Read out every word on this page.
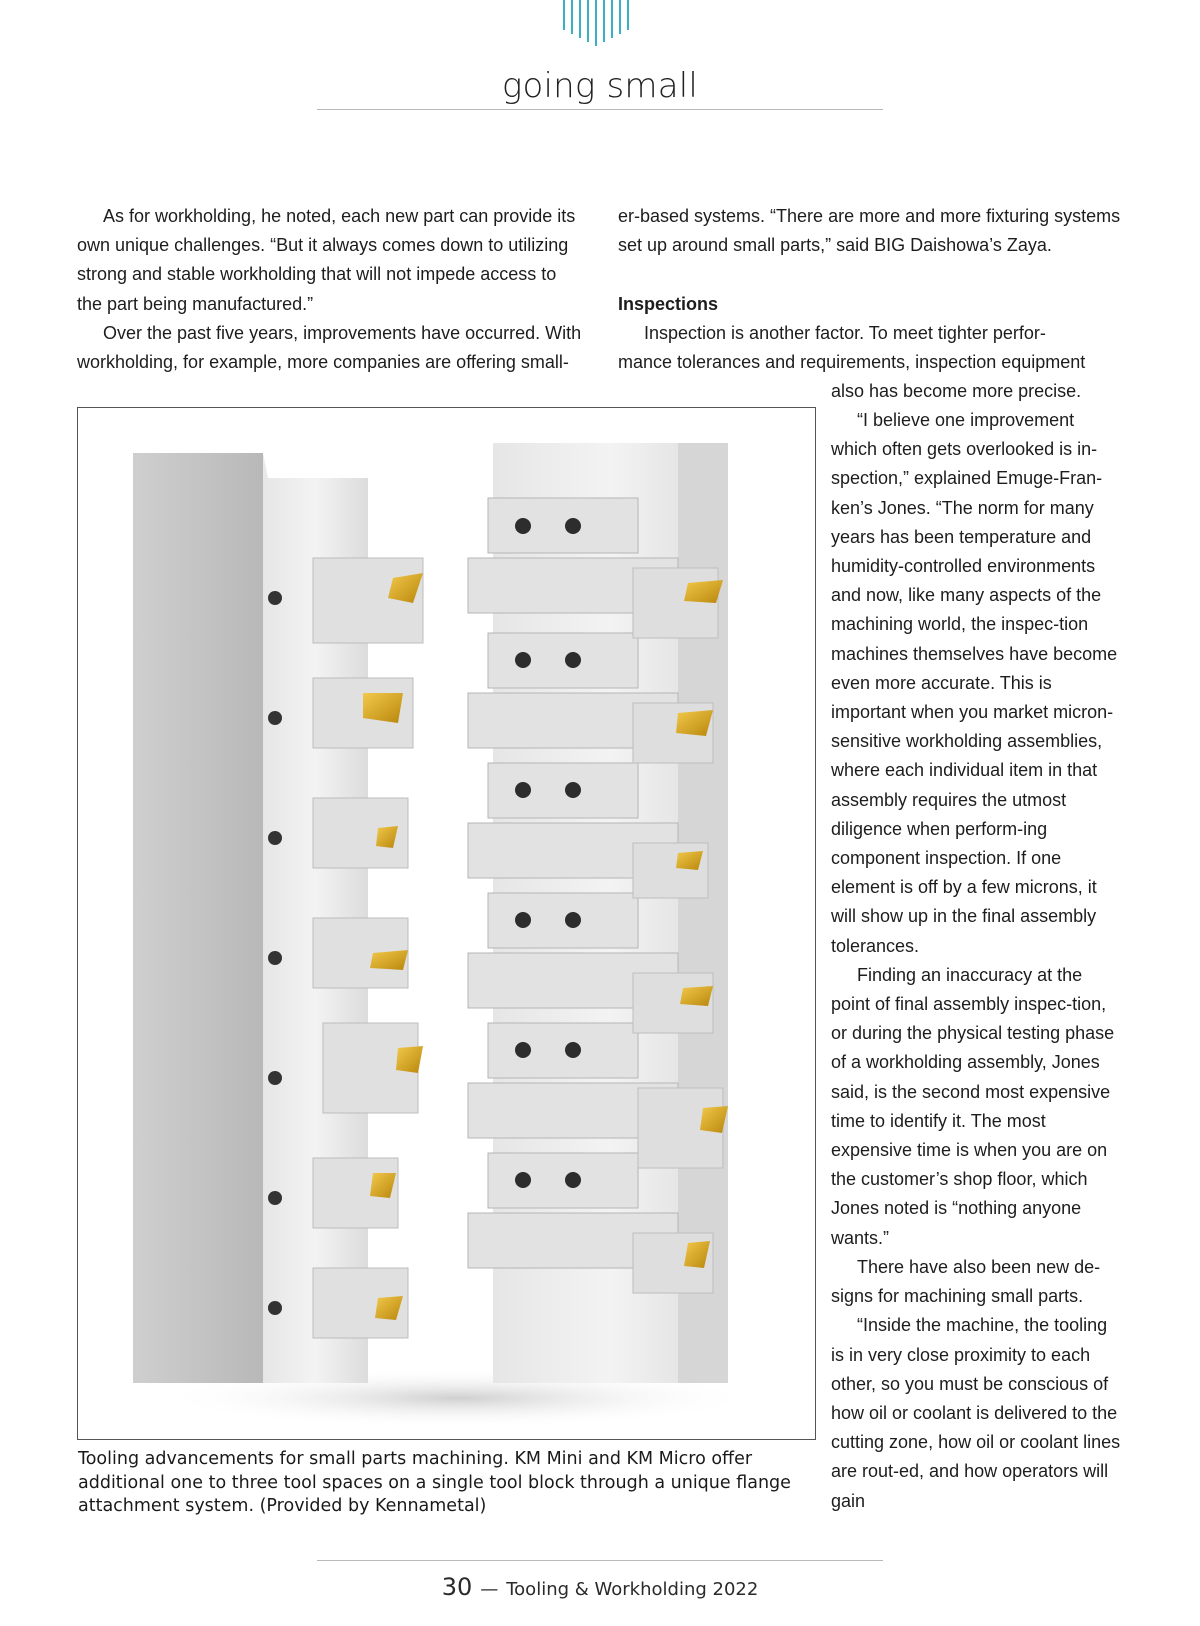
going small

As for workholding, he noted, each new part can provide its own unique challenges. “But it always comes down to utilizing strong and stable workholding that will not impede access to the part being manufactured.”

Over the past five years, improvements have occurred. With workholding, for example, more companies are offering small-

er-based systems. “There are more and more fixturing systems set up around small parts,” said BIG Daishowa’s Zaya.

Inspections

Inspection is another factor. To meet tighter perfor-

mance tolerances and requirements, inspection equipment

also has become more precise.

“I believe one improvement which often gets overlooked is in-spection,” explained Emuge-Fran-ken’s Jones. “The norm for many years has been temperature and humidity-controlled environments and now, like many aspects of the machining world, the inspec-tion machines themselves have become even more accurate. This is important when you market micron-sensitive workholding assemblies, where each individual item in that assembly requires the utmost diligence when perform-ing component inspection. If one element is off by a few microns, it will show up in the final assembly tolerances.

Finding an inaccuracy at the point of final assembly inspec-tion, or during the physical testing phase of a workholding assembly, Jones said, is the second most expensive time to identify it. The most expensive time is when you are on the customer’s shop floor, which Jones noted is “nothing anyone wants.”

There have also been new de-signs for machining small parts.

“Inside the machine, the tooling is in very close proximity to each other, so you must be conscious of how oil or coolant is delivered to the cutting zone, how oil or coolant lines are rout-ed, and how operators will gain

Tooling advancements for small parts machining. KM Mini and KM Micro offer additional one to three tool spaces on a single tool block through a unique flange attachment system. (Provided by Kennametal)
30 — Tooling & Workholding 2022
